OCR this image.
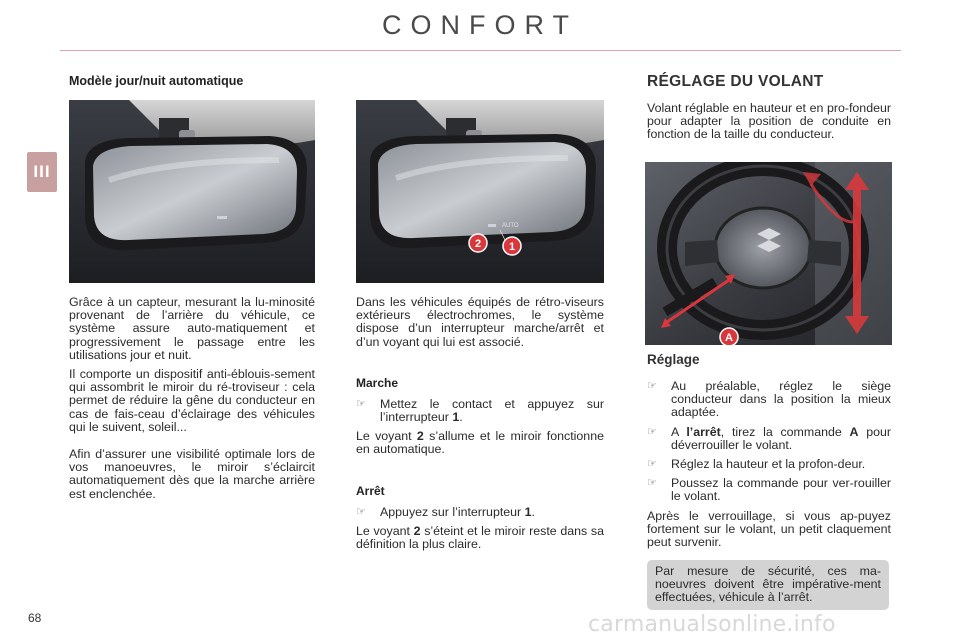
CONFORT
III
68
Modèle jour/nuit automatique
AUTO
2	1

Grâce à un capteur, mesurant la lu-minosité provenant de l’arrière du véhicule, ce système assure auto-matiquement et progressivement le passage entre les utilisations jour et nuit.

Il comporte un dispositif anti-éblouis-sement qui assombrit le miroir du ré-troviseur : cela permet de réduire la gêne du conducteur en cas de fais-ceau d’éclairage des véhicules qui le suivent, soleil...

Afin d’assurer une visibilité optimale lors de vos manoeuvres, le miroir s’éclaircit automatiquement dès que la marche arrière est enclenchée.

Dans les véhicules équipés de rétro-viseurs extérieurs électrochromes, le système dispose d’un interrupteur marche/arrêt et d’un voyant qui lui est associé.

Marche
☞ Mettez le contact et appuyez sur l’interrupteur 1.

Le voyant 2 s’allume et le miroir fonctionne en automatique.

Arrêt
☞ Appuyez sur l’interrupteur 1.

Le voyant 2 s’éteint et le miroir reste dans sa définition la plus claire.

RÉGLAGE DU VOLANT

Volant réglable en hauteur et en pro-fondeur pour adapter la position de conduite en fonction de la taille du conducteur.

A
Réglage
☞ Au préalable, réglez le siège conducteur dans la position la mieux adaptée.
☞ A l’arrêt, tirez la commande A pour déverrouiller le volant.
☞ Réglez la hauteur et la profon-deur.
☞ Poussez la commande pour ver-rouiller le volant.

Après le verrouillage, si vous ap-puyez fortement sur le volant, un petit claquement peut survenir.

Par mesure de sécurité, ces ma-noeuvres doivent être impérative-ment effectuées, véhicule à l’arrêt.
carmanualsonline.info
